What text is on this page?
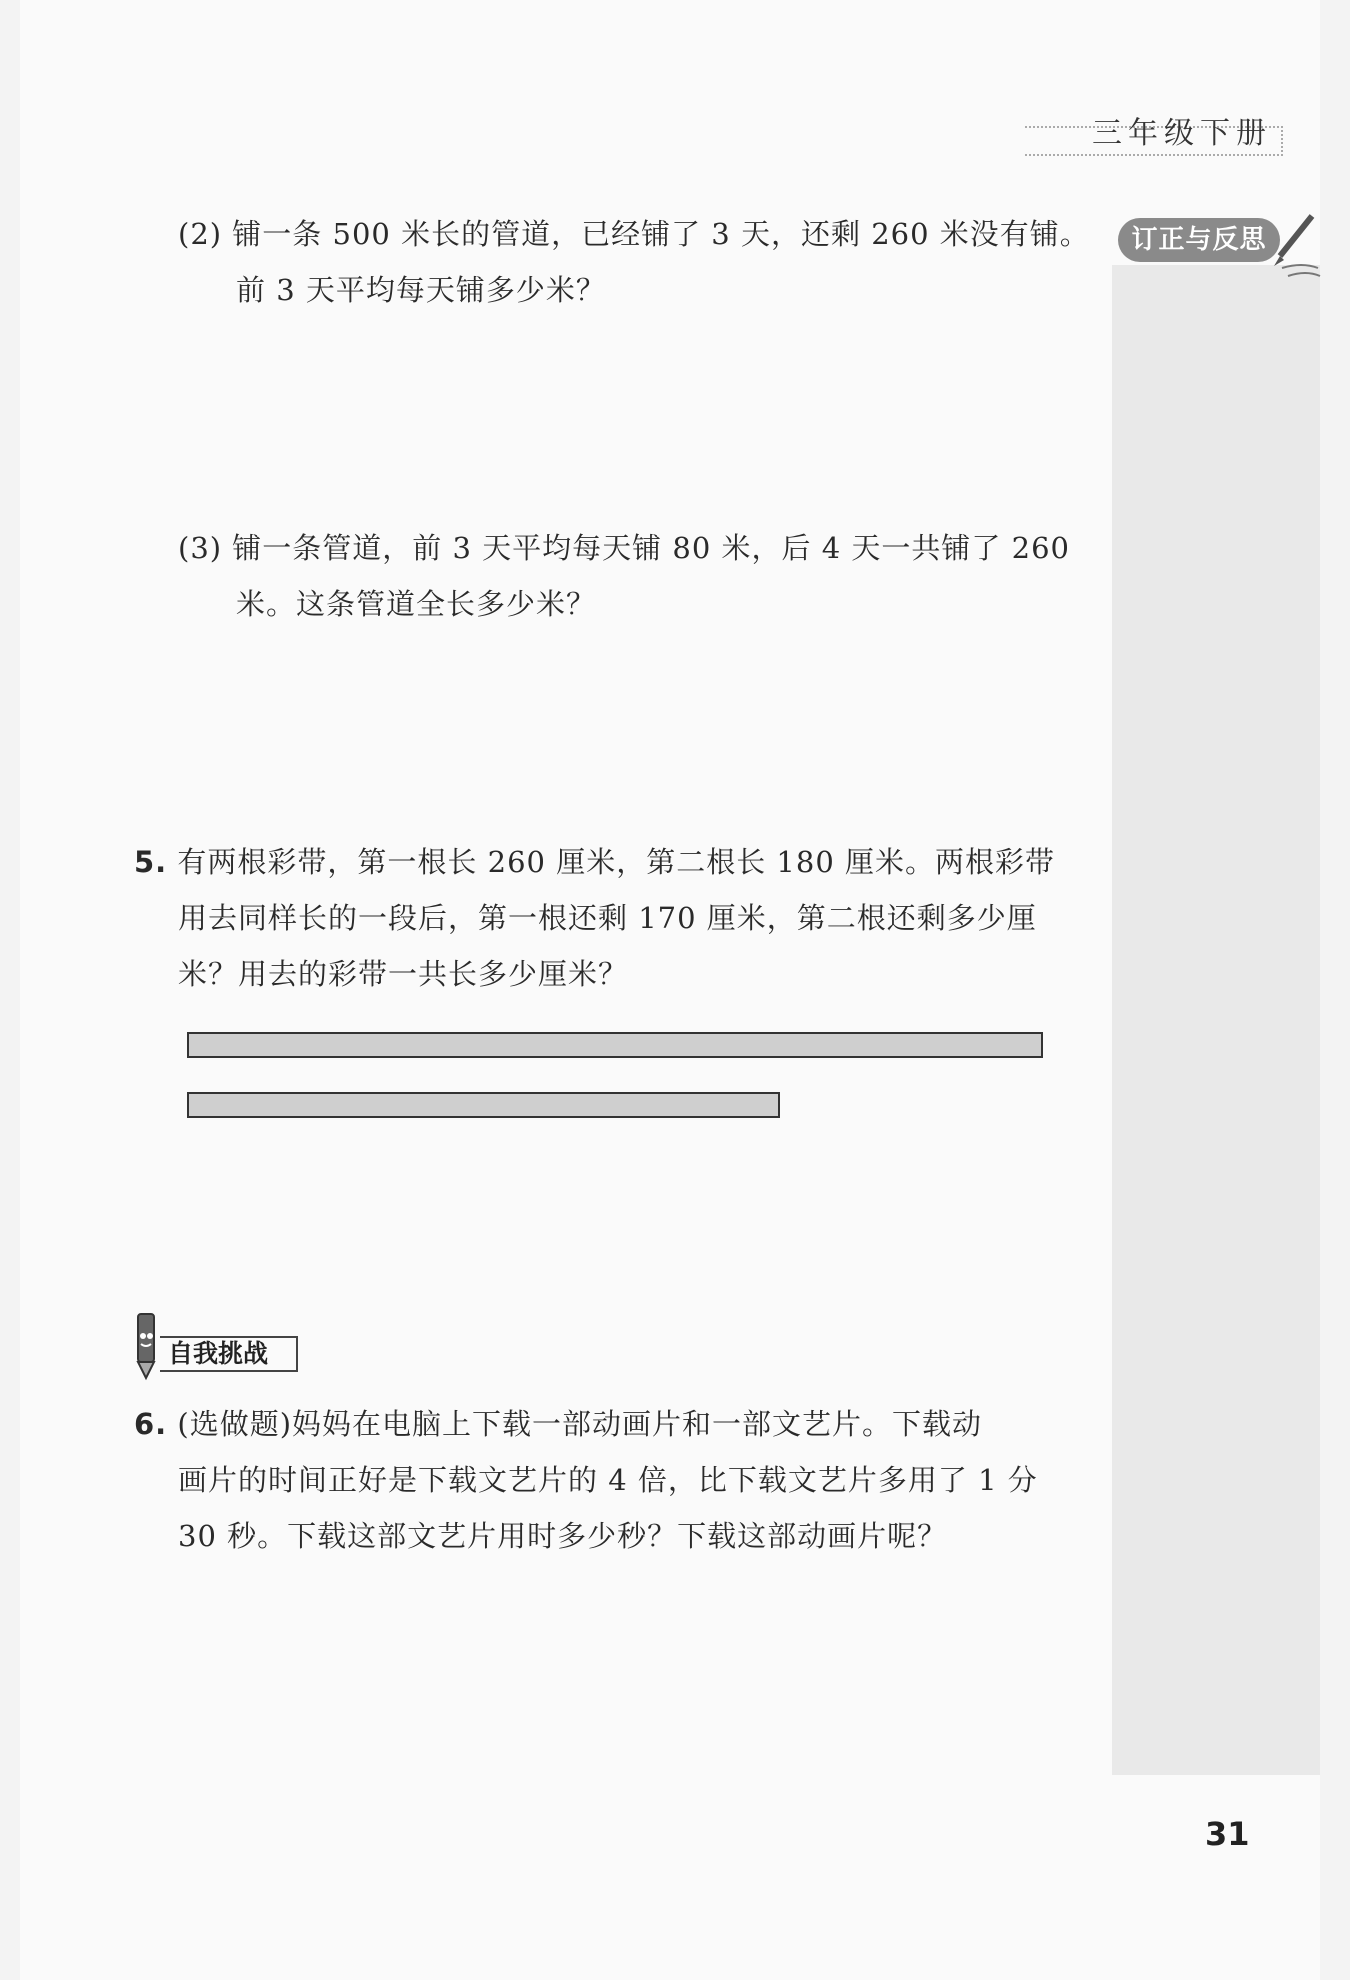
三年级下册
订正与反思
(2) 铺一条 500 米长的管道，已经铺了 3 天，还剩 260 米没有铺。
前 3 天平均每天铺多少米？
(3) 铺一条管道，前 3 天平均每天铺 80 米，后 4 天一共铺了 260
米。这条管道全长多少米？
5. 有两根彩带，第一根长 260 厘米，第二根长 180 厘米。两根彩带
用去同样长的一段后，第一根还剩 170 厘米，第二根还剩多少厘
米？用去的彩带一共长多少厘米？
自我挑战
6. (选做题)妈妈在电脑上下载一部动画片和一部文艺片。下载动
画片的时间正好是下载文艺片的 4 倍，比下载文艺片多用了 1 分
30 秒。下载这部文艺片用时多少秒？下载这部动画片呢？
31
